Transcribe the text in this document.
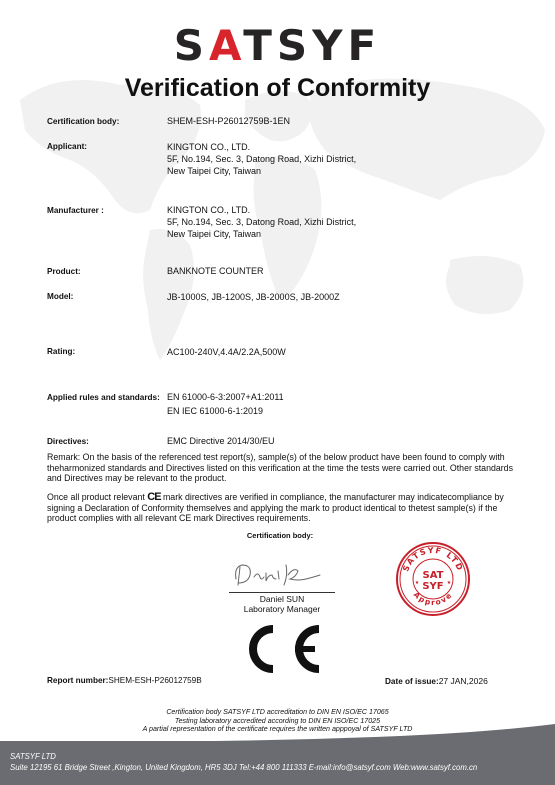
SATSYF
Verification of Conformity
Certification body:	SHEM-ESH-P26012759B-1EN
Applicant:	KINGTON CO., LTD.
5F, No.194, Sec. 3, Datong Road, Xizhi District,
New Taipei City, Taiwan
Manufacturer :	KINGTON CO., LTD.
5F, No.194, Sec. 3, Datong Road, Xizhi District,
New Taipei City, Taiwan
Product:	BANKNOTE COUNTER
Model:	JB-1000S, JB-1200S, JB-2000S, JB-2000Z
Rating:	AC100-240V,4.4A/2.2A,500W
Applied rules and standards: EN 61000-6-3:2007+A1:2011
EN IEC 61000-6-1:2019
Directives:	EMC Directive 2014/30/EU
Remark: On the basis of the referenced test report(s), sample(s) of the below product have been found to comply with theharmonized standards and Directives listed on this verification at the time the tests were carried out. Other standards and Directives may be relevant to the product.
Once all product relevant CE mark directives are verified in compliance, the manufacturer may indicatecompliance by signing a Declaration of Conformity themselves and applying the mark to product identical to thetest sample(s) if the product complies with all relevant CE mark Directives requirements.
Certification body:
Daniel SUN
Laboratory Manager
SATSYF LTD
Approve
SAT
SYF
★	★
Report number:SHEM-ESH-P26012759B	Date of issue:27 JAN,2026
Certification body SATSYF LTD accreditation to DIN EN ISO/EC 17065
Testing laboratory accredited according to DIN EN ISO/EC 17025
A partial representation of the certificate requires the written apppoyal of SATSYF LTD
SATSYF LTD
Suite 12195 61 Bridge Street ,Kington, United Kingdom, HR5 3DJ Tel:+44 800 111333 E-mail:info@satsyf.com Web:www.satsyf.com.cn
